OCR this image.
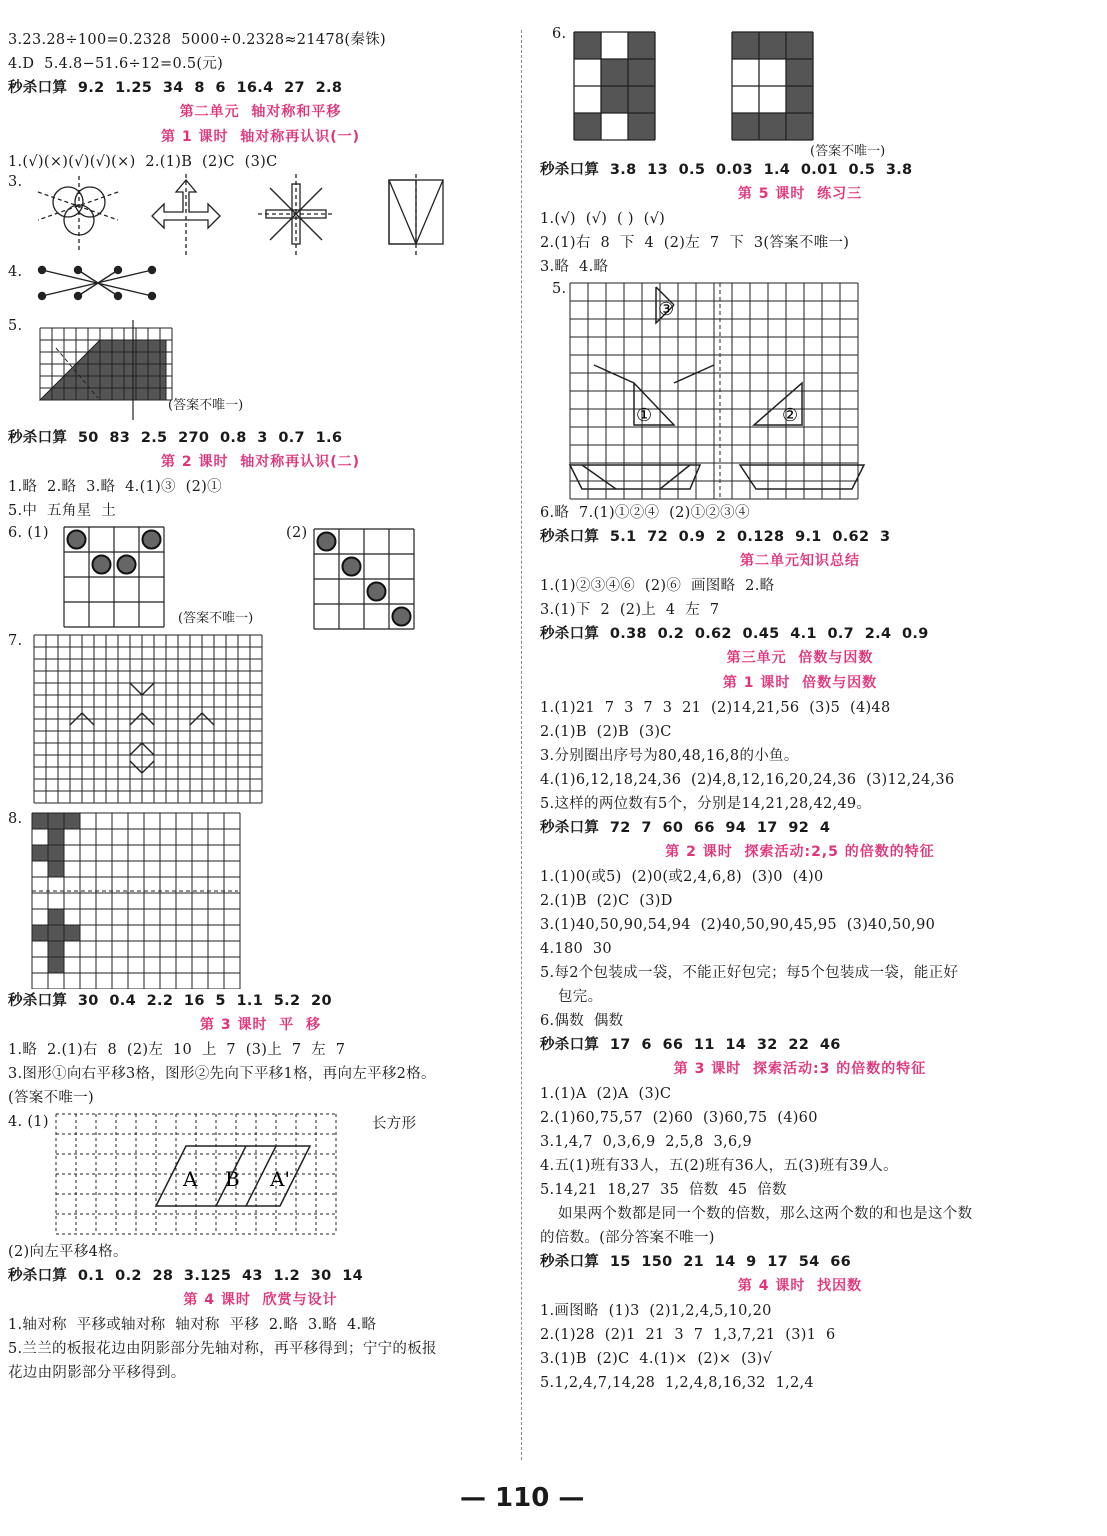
3.23.28÷100=0.2328  5000÷0.2328≈21478(秦铢)
4.D  5.4.8−51.6÷12=0.5(元)
秒杀口算  9.2  1.25  34  8  6  16.4  27  2.8
第二单元  轴对称和平移
第 1 课时  轴对称再认识(一)
1.(√)(×)(√)(√)(×)  2.(1)B  (2)C  (3)C
3.
4.
5.
(答案不唯一)
秒杀口算  50  83  2.5  270  0.8  3  0.7  1.6
第 2 课时  轴对称再认识(二)
1.略  2.略  3.略  4.(1)③  (2)①
5.中  五角星  土
6. (1)	(2)
(答案不唯一)
7.
8.
秒杀口算  30  0.4  2.2  16  5  1.1  5.2  20
第 3 课时  平  移
1.略  2.(1)右  8  (2)左  10  上  7  (3)上  7  左  7
3.图形①向右平移3格，图形②先向下平移1格，再向左平移2格。
(答案不唯一)
4. (1)	长方形
A B A'
(2)向左平移4格。
秒杀口算  0.1  0.2  28  3.125  43  1.2  30  14
第 4 课时  欣赏与设计
1.轴对称  平移或轴对称  轴对称  平移  2.略  3.略  4.略
5.兰兰的板报花边由阴影部分先轴对称，再平移得到；宁宁的板报
花边由阴影部分平移得到。
6.
(答案不唯一)
秒杀口算  3.8  13  0.5  0.03  1.4  0.01  0.5  3.8
第 5 课时  练习三
1.(√)  (√)  ( )  (√)
2.(1)右  8  下  4  (2)左  7  下  3(答案不唯一)
3.略  4.略
5.
③
①	②
6.略  7.(1)①②④  (2)①②③④
秒杀口算  5.1  72  0.9  2  0.128  9.1  0.62  3
第二单元知识总结
1.(1)②③④⑥  (2)⑥  画图略  2.略
3.(1)下  2  (2)上  4  左  7
秒杀口算  0.38  0.2  0.62  0.45  4.1  0.7  2.4  0.9
第三单元  倍数与因数
第 1 课时  倍数与因数
1.(1)21  7  3  7  3  21  (2)14,21,56  (3)5  (4)48
2.(1)B  (2)B  (3)C
3.分别圈出序号为80,48,16,8的小鱼。
4.(1)6,12,18,24,36  (2)4,8,12,16,20,24,36  (3)12,24,36
5.这样的两位数有5个，分别是14,21,28,42,49。
秒杀口算  72  7  60  66  94  17  92  4
第 2 课时  探索活动:2,5 的倍数的特征
1.(1)0(或5)  (2)0(或2,4,6,8)  (3)0  (4)0
2.(1)B  (2)C  (3)D
3.(1)40,50,90,54,94  (2)40,50,90,45,95  (3)40,50,90
4.180  30
5.每2个包装成一袋，不能正好包完；每5个包装成一袋，能正好
包完。
6.偶数  偶数
秒杀口算  17  6  66  11  14  32  22  46
第 3 课时  探索活动:3 的倍数的特征
1.(1)A  (2)A  (3)C
2.(1)60,75,57  (2)60  (3)60,75  (4)60
3.1,4,7  0,3,6,9  2,5,8  3,6,9
4.五(1)班有33人，五(2)班有36人，五(3)班有39人。
5.14,21  18,27  35  倍数  45  倍数
如果两个数都是同一个数的倍数，那么这两个数的和也是这个数
的倍数。(部分答案不唯一)
秒杀口算  15  150  21  14  9  17  54  66
第 4 课时  找因数
1.画图略  (1)3  (2)1,2,4,5,10,20
2.(1)28  (2)1  21  3  7  1,3,7,21  (3)1  6
3.(1)B  (2)C  4.(1)×  (2)×  (3)√
5.1,2,4,7,14,28  1,2,4,8,16,32  1,2,4
— 110 —
